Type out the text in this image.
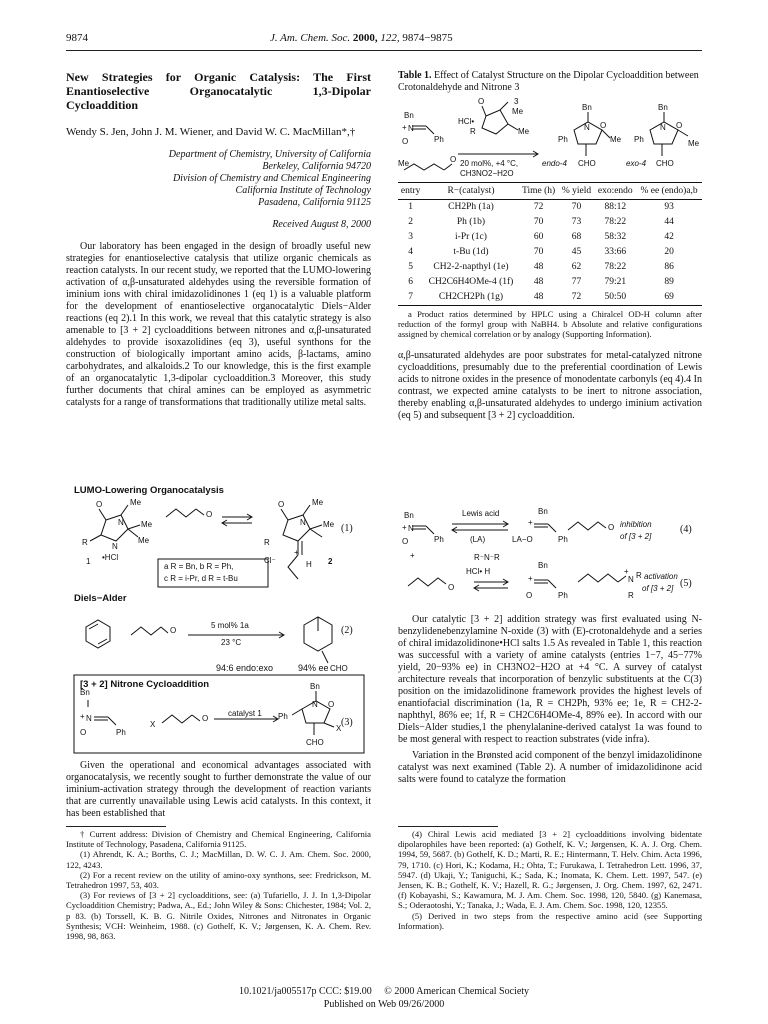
9874	J. Am. Chem. Soc. 2000, 122, 9874−9875
New Strategies for Organic Catalysis: The First Enantioselective Organocatalytic 1,3-Dipolar Cycloaddition
Wendy S. Jen, John J. M. Wiener, and David W. C. MacMillan*,†
Department of Chemistry, University of California
Berkeley, California 94720
Division of Chemistry and Chemical Engineering
California Institute of Technology
Pasadena, California 91125
Received August 8, 2000

Our laboratory has been engaged in the design of broadly useful new strategies for enantioselective catalysis that utilize organic chemicals as reaction catalysts. In our recent study, we reported that the LUMO-lowering activation of α,β-unsaturated aldehydes using the reversible formation of iminium ions with chiral imidazolidinones 1 (eq 1) is a valuable platform for the development of enantioselective organocatalytic Diels−Alder reactions (eq 2).1 In this work, we reveal that this catalytic strategy is also amenable to [3 + 2] cycloadditions between nitrones and α,β-unsaturated aldehydes to provide isoxazolidines (eq 3), useful synthons for the construction of biologically important amino acids, β-lactams, amino carbohydrates, and alkaloids.2 To our knowledge, this is the first example of an organocatalytic 1,3-dipolar cycloaddition.3 Moreover, this study further documents that chiral amines can be employed as asymmetric catalysts for a range of transformations that traditionally utilize metal salts.

LUMO-Lowering Organocatalysis
O
N
Me
Me
N
Me
R
O
O
N
Me
Me
R
+
Cl⁻	H
O
CHO
Bn
+ N
O	Ph
X
O
Bn
N O
Ph
X
CHO
1 •HCl	2
(1)
a R = Bn, b R = Ph,
c R = i-Pr, d R = t-Bu
Diels−Alder
5 mol% 1a
23 °C
(2)
94:6 endo:exo	94% ee
[3 + 2] Nitrone Cycloaddition
catalyst 1
(3)

Given the operational and economical advantages associated with organocatalysis, we recently sought to further demonstrate the value of our iminium-activation strategy through the development of reaction variants that are currently unavailable using Lewis acid catalysts. In this context, it has been established that

† Current address: Division of Chemistry and Chemical Engineering, California Institute of Technology, Pasadena, California 91125.

(1) Ahrendt, K. A.; Borths, C. J.; MacMillan, D. W. C. J. Am. Chem. Soc. 2000, 122, 4243.

(2) For a recent review on the utility of amino-oxy synthons, see: Fredrickson, M. Tetrahedron 1997, 53, 403.

(3) For reviews of [3 + 2] cycloadditions, see: (a) Tufariello, J. J. In 1,3-Dipolar Cycloaddition Chemistry; Padwa, A., Ed.; John Wiley & Sons: Chichester, 1984; Vol. 2, p 83. (b) Torssell, K. B. G. Nitrile Oxides, Nitrones and Nitronates in Organic Synthesis; VCH: Weinheim, 1988. (c) Gothelf, K. V.; Jørgensen, K. A. Chem. Rev. 1998, 98, 863.

Table 1. Effect of Catalyst Structure on the Dipolar Cycloaddition between Crotonaldehyde and Nitrone 3
Bn
+ N
O	Ph
Me	O
O
HCl•
3
Me
Me
R
Bn
N O
Ph	Me
CHO
Bn
N O
Ph	Me
CHO
20 mol%, +4 °C,
CH3NO2−H2O
endo-4	exo-4
entry	R−(catalyst)	Time (h)	% yield	exo:endo	% ee (endo)a,b
1	CH2Ph (1a)	72	70	88:12	93
2	Ph (1b)	70	73	78:22	44
3	i-Pr (1c)	60	68	58:32	42
4	t-Bu (1d)	70	45	33:66	20
5	CH2-2-napthyl (1e)	48	62	78:22	86
6	CH2C6H4OMe-4 (1f)	48	77	79:21	89
7	CH2CH2Ph (1g)	48	72	50:50	69
a Product ratios determined by HPLC using a Chiralcel OD-H column after reduction of the formyl group with NaBH4. b Absolute and relative configurations assigned by chemical correlation or by analogy (Supporting Information).

α,β-unsaturated aldehydes are poor substrates for metal-catalyzed nitrone cycloadditions, presumably due to the preferential coordination of Lewis acids to nitrone oxides in the presence of monodentate carbonyls (eq 4).4 In contrast, we expected amine catalysts to be inert to nitrone association, thereby enabling α,β-unsaturated aldehydes to undergo iminium activation (eq 5) and subsequent [3 + 2] cycloaddition.

Bn
+ N
O	Ph
Lewis acid
(LA)
Bn
+
LA−O	Ph
O
+
O
R⁻N⁻R
HCl• H
Bn
+
O	Ph
+
N R
R
inhibition
of [3 + 2]
(4)
activation
of [3 + 2] (5)

Our catalytic [3 + 2] addition strategy was first evaluated using N-benzylidenebenzylamine N-oxide (3) with (E)-crotonaldehyde and a series of chiral imidazolidinone•HCl salts 1.5 As revealed in Table 1, this reaction was successful with a variety of amine catalysts (entries 1−7, 45−77% yield, 20−93% ee) in CH3NO2−H2O at +4 °C. A survey of catalyst architecture reveals that incorporation of benzylic substituents at the C(3) position on the imidazolidinone framework provides the highest levels of enantiofacial discrimination (1a, R = CH2Ph, 93% ee; 1e, R = CH2-2-naphthyl, 86% ee; 1f, R = CH2C6H4OMe-4, 89% ee). In accord with our Diels−Alder studies,1 the phenylalanine-derived catalyst 1a was found to be most general with respect to reaction substrates (vide infra).

Variation in the Brønsted acid component of the benzyl imidazolidinone catalyst was next examined (Table 2). A number of imidazolidinone acid salts were found to catalyze the formation

(4) Chiral Lewis acid mediated [3 + 2] cycloadditions involving bidentate dipolarophiles have been reported: (a) Gothelf, K. V.; Jørgensen, K. A. J. Org. Chem. 1994, 59, 5687. (b) Gothelf, K. D.; Marti, R. E.; Hintermann, T. Helv. Chim. Acta 1996, 79, 1710. (c) Hori, K.; Kodama, H.; Ohta, T.; Furukawa, I. Tetrahedron Lett. 1996, 37, 5947. (d) Ukaji, Y.; Taniguchi, K.; Sada, K.; Inomata, K. Chem. Lett. 1997, 547. (e) Jensen, K. B.; Gothelf, K. V.; Hazell, R. G.; Jørgensen, J. Org. Chem. 1997, 62, 2471. (f) Kobayashi, S.; Kawamura, M. J. Am. Chem. Soc. 1998, 120, 5840. (g) Kanemasa, S.; Oderaotoshi, Y.; Tanaka, J.; Wada, E. J. Am. Chem. Soc. 1998, 120, 12355.

(5) Derived in two steps from the respective amino acid (see Supporting Information).

10.1021/ja005517p CCC: $19.00 © 2000 American Chemical Society
Published on Web 09/26/2000
